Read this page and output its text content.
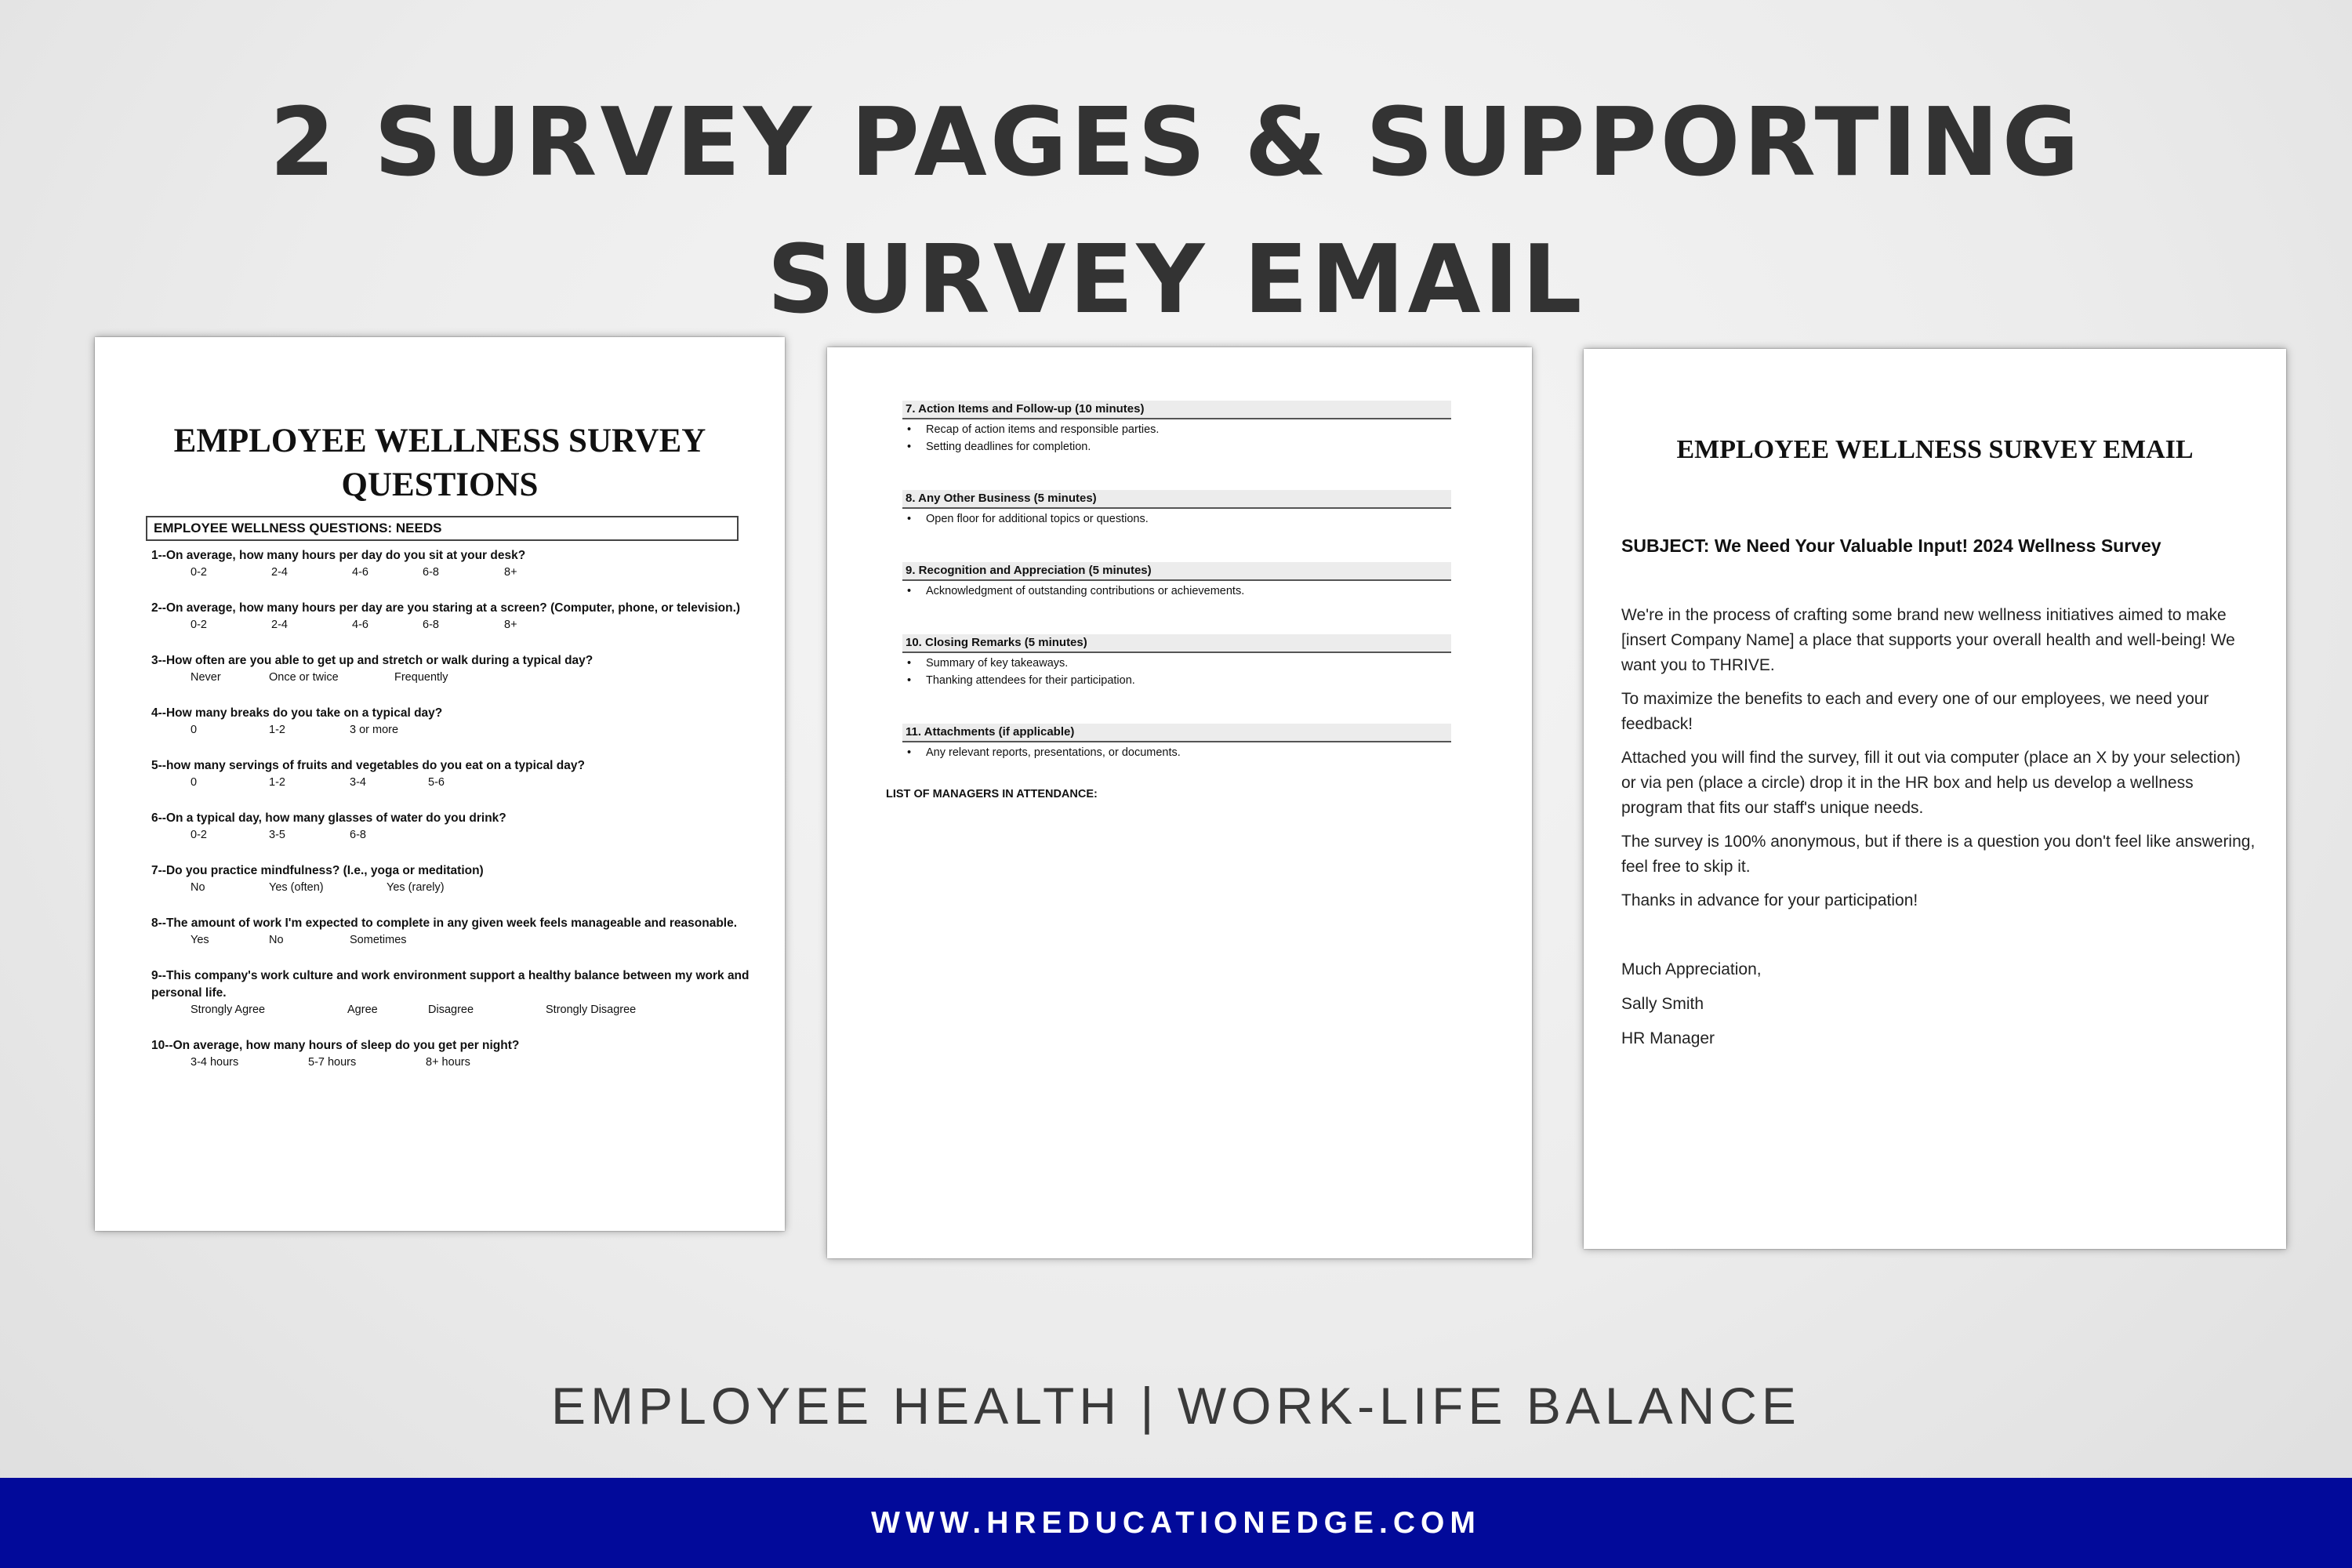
2 SURVEY PAGES & SUPPORTING
SURVEY EMAIL
EMPLOYEE WELLNESS SURVEY
QUESTIONS
EMPLOYEE WELLNESS QUESTIONS: NEEDS
1--On average, how many hours per day do you sit at your desk?
0-2	2-4	4-6	6-8	8+
2--On average, how many hours per day are you staring at a screen? (Computer, phone, or television.)
0-2	2-4	4-6	6-8	8+
3--How often are you able to get up and stretch or walk during a typical day?
Never	Once or twice	Frequently
4--How many breaks do you take on a typical day?
0	1-2	3 or more
5--how many servings of fruits and vegetables do you eat on a typical day?
0	1-2	3-4	5-6
6--On a typical day, how many glasses of water do you drink?
0-2	3-5	6-8
7--Do you practice mindfulness? (I.e., yoga or meditation)
No	Yes (often)	Yes (rarely)
8--The amount of work I'm expected to complete in any given week feels manageable and reasonable.
Yes	No	Sometimes
9--This company's work culture and work environment support a healthy balance between my work and personal life.
Strongly Agree	Agree	Disagree	Strongly Disagree
10--On average, how many hours of sleep do you get per night?
3-4 hours	5-7 hours	8+ hours
7. Action Items and Follow-up (10 minutes)
• Recap of action items and responsible parties.
• Setting deadlines for completion.
8. Any Other Business (5 minutes)
• Open floor for additional topics or questions.
9. Recognition and Appreciation (5 minutes)
• Acknowledgment of outstanding contributions or achievements.
10. Closing Remarks (5 minutes)
• Summary of key takeaways.
• Thanking attendees for their participation.
11. Attachments (if applicable)
• Any relevant reports, presentations, or documents.
LIST OF MANAGERS IN ATTENDANCE:
EMPLOYEE WELLNESS SURVEY EMAIL
SUBJECT: We Need Your Valuable Input! 2024 Wellness Survey

We're in the process of crafting some brand new wellness initiatives aimed to make [insert Company Name] a place that supports your overall health and well-being! We want you to THRIVE.

To maximize the benefits to each and every one of our employees, we need your feedback!

Attached you will find the survey, fill it out via computer (place an X by your selection) or via pen (place a circle) drop it in the HR box and help us develop a wellness program that fits our staff's unique needs.

The survey is 100% anonymous, but if there is a question you don't feel like answering, feel free to skip it.

Thanks in advance for your participation!

Much Appreciation,

Sally Smith

HR Manager

EMPLOYEE HEALTH | WORK-LIFE BALANCE
WWW.HREDUCATIONEDGE.COM
